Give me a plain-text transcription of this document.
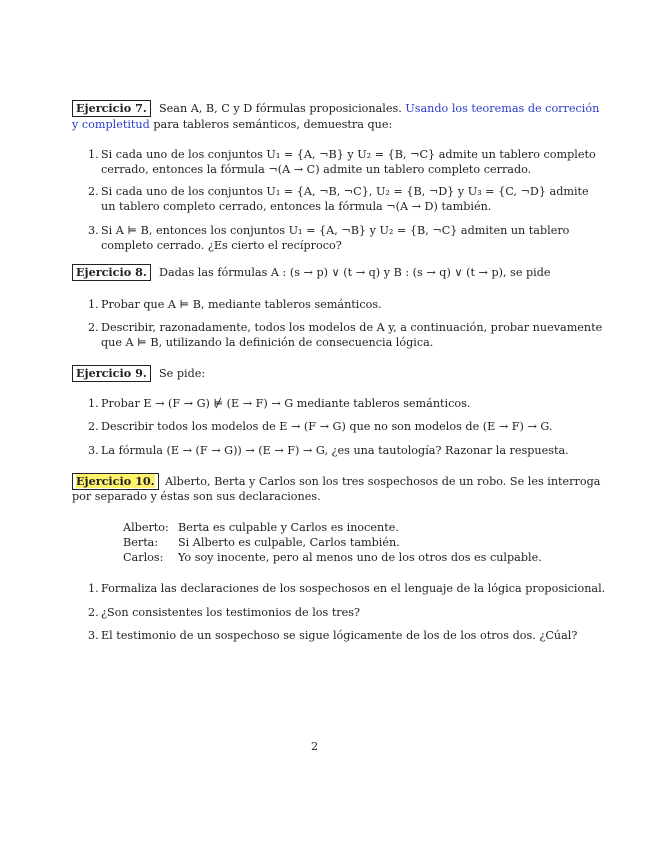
Ejercicio 7.	Sean A, B, C y D fórmulas proposicionales. Usando los teoremas de correción
y completitud para tableros semánticos, demuestra que:
1. Si cada uno de los conjuntos U₁ = {A, ¬B} y U₂ = {B, ¬C} admite un tablero completo
cerrado, entonces la fórmula ¬(A → C) admite un tablero completo cerrado.
2. Si cada uno de los conjuntos U₁ = {A, ¬B, ¬C}, U₂ = {B, ¬D} y U₃ = {C, ¬D} admite
un tablero completo cerrado, entonces la fórmula ¬(A → D) también.
3. Si A ⊨ B, entonces los conjuntos U₁ = {A, ¬B} y U₂ = {B, ¬C} admiten un tablero
completo cerrado. ¿Es cierto el recíproco?
Ejercicio 8.	Dadas las fórmulas A : (s → p) ∨ (t → q) y B : (s → q) ∨ (t → p), se pide
1. Probar que A ⊨ B, mediante tableros semánticos.
2. Describir, razonadamente, todos los modelos de A y, a continuación, probar nuevamente
que A ⊨ B, utilizando la definición de consecuencia lógica.
Ejercicio 9.	Se pide:
1. Probar E → (F → G) ⊭ (E → F) → G mediante tableros semánticos.
2. Describir todos los modelos de E → (F → G) que no son modelos de (E → F) → G.
3. La fórmula (E → (F → G)) → (E → F) → G, ¿es una tautología? Razonar la respuesta.
Ejercicio 10. Alberto, Berta y Carlos son los tres sospechosos de un robo. Se les interroga
por separado y éstas son sus declaraciones.
Alberto: Berta es culpable y Carlos es inocente.
Berta: Si Alberto es culpable, Carlos también.
Carlos: Yo soy inocente, pero al menos uno de los otros dos es culpable.
1. Formaliza las declaraciones de los sospechosos en el lenguaje de la lógica proposicional.
2. ¿Son consistentes los testimonios de los tres?
3. El testimonio de un sospechoso se sigue lógicamente de los de los otros dos. ¿Cúal?
2
